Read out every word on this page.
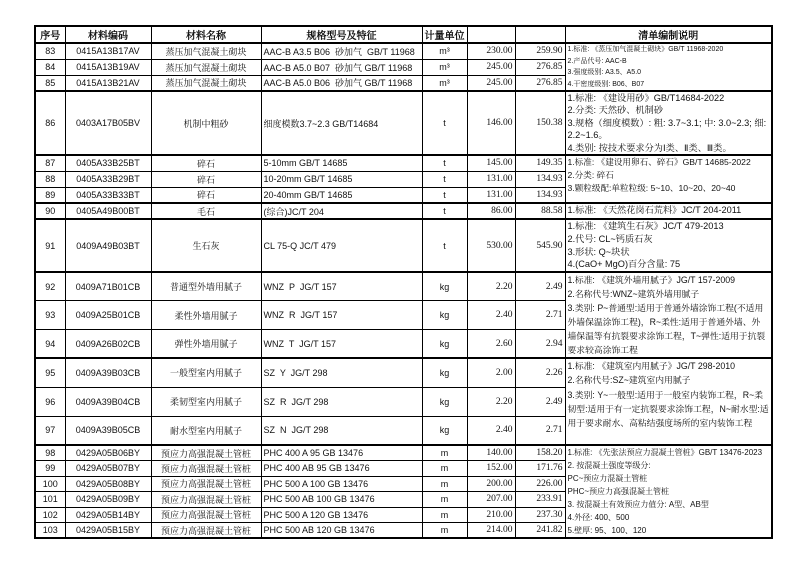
序号	材料编码	材料名称	规格型号及特征	计量单位			清单编制说明
83	0415A13B17AV	蒸压加气混凝土砌块	AAC-B A3.5 B06  砂加气  GB/T 11968	m³	230.00	259.90	1.标准: 《蒸压加气混凝土砌块》GB/T 11968-2020
2.产品代号: AAC-B
3.强度级别: A3.5、A5.0
4.干密度级别: B06、B07

84	0415A13B19AV	蒸压加气混凝土砌块	AAC-B A5.0 B07  砂加气 GB/T 11968	m³	245.00	276.85	
85	0415A13B21AV	蒸压加气混凝土砌块	AAC-B A5.0 B06  砂加气 GB/T 11968	m³	245.00	276.85	
86	0403A17B05BV	机制中粗砂	细度模数3.7~2.3 GB/T14684	t	146.00	150.38	1.标准: 《建设用砂》GB/T14684-2022
2.分类: 天然砂、机制砂
3.规格（细度模数）: 粗: 3.7~3.1; 中: 3.0~2.3; 细: 2.2~1.6。
4.类别: 按技术要求分为Ⅰ类、Ⅱ类、Ⅲ类。

87	0405A33B25BT	碎石	5-10mm GB/T 14685	t	145.00	149.35	1.标准: 《建设用卵石、碎石》GB/T 14685-2022
2.分类: 碎石
3.颗粒级配:单粒粒级: 5~10、10~20、20~40

88	0405A33B29BT	碎石	10-20mm GB/T 14685	t	131.00	134.93	
89	0405A33B33BT	碎石	20-40mm GB/T 14685	t	131.00	134.93	
90	0405A49B00BT	毛石	(综合)JC/T 204	t	86.00	88.58	1.标准: 《天然花岗石荒料》JC/T 204-2011

91	0409A49B03BT	生石灰	CL 75-Q JC/T 479	t	530.00	545.90	1.标准: 《建筑生石灰》JC/T 479-2013
2.代号: CL~钙质石灰
3.形状: Q~块状
4.(CaO+ MgO)百分含量: 75

92	0409A71B01CB	普通型外墙用腻子	WNZ  P  JG/T 157	kg	2.20	2.49	1.标准: 《建筑外墙用腻子》JG/T 157-2009
2.名称代号:WNZ~建筑外墙用腻子
3.类别: P~普通型:适用于普通外墙涂饰工程(不适用外墙保温涂饰工程)，R~柔性:适用于普通外墙、外墙保温等有抗裂要求涂饰工程，T~弹性:适用于抗裂要求较高涂饰工程

93	0409A25B01CB	柔性外墙用腻子	WNZ  R  JG/T 157	kg	2.40	2.71	
94	0409A26B02CB	弹性外墙用腻子	WNZ  T  JG/T 157	kg	2.60	2.94	
95	0409A39B03CB	一般型室内用腻子	SZ  Y  JG/T 298	kg	2.00	2.26	1.标准: 《建筑室内用腻子》JG/T 298-2010
2.名称代号:SZ~建筑室内用腻子
3.类别: Y~一般型:适用于一般室内装饰工程，R~柔韧型:适用于有一定抗裂要求涂饰工程，N~耐水型:适用于要求耐水、高粘结强度场所的室内装饰工程

96	0409A39B04CB	柔韧型室内用腻子	SZ  R  JG/T 298	kg	2.20	2.49	
97	0409A39B05CB	耐水型室内用腻子	SZ  N  JG/T 298	kg	2.40	2.71	
98	0429A05B06BY	预应力高强混凝土管桩	PHC 400 A 95 GB 13476	m	140.00	158.20	1.标准: 《先张法预应力混凝土管桩》GB/T 13476-2023
2. 按混凝土强度等级分:
PC~预应力混凝土管桩
PHC~预应力高强混凝土管桩
3. 按混凝土有效预应力值分: A型、AB型
4.外径: 400、500
5.壁厚: 95、100、120

99	0429A05B07BY	预应力高强混凝土管桩	PHC 400 AB 95 GB 13476	m	152.00	171.76	
100	0429A05B08BY	预应力高强混凝土管桩	PHC 500 A 100 GB 13476	m	200.00	226.00	
101	0429A05B09BY	预应力高强混凝土管桩	PHC 500 AB 100 GB 13476	m	207.00	233.91	
102	0429A05B14BY	预应力高强混凝土管桩	PHC 500 A 120 GB 13476	m	210.00	237.30	
103	0429A05B15BY	预应力高强混凝土管桩	PHC 500 AB 120 GB 13476	m	214.00	241.82	
